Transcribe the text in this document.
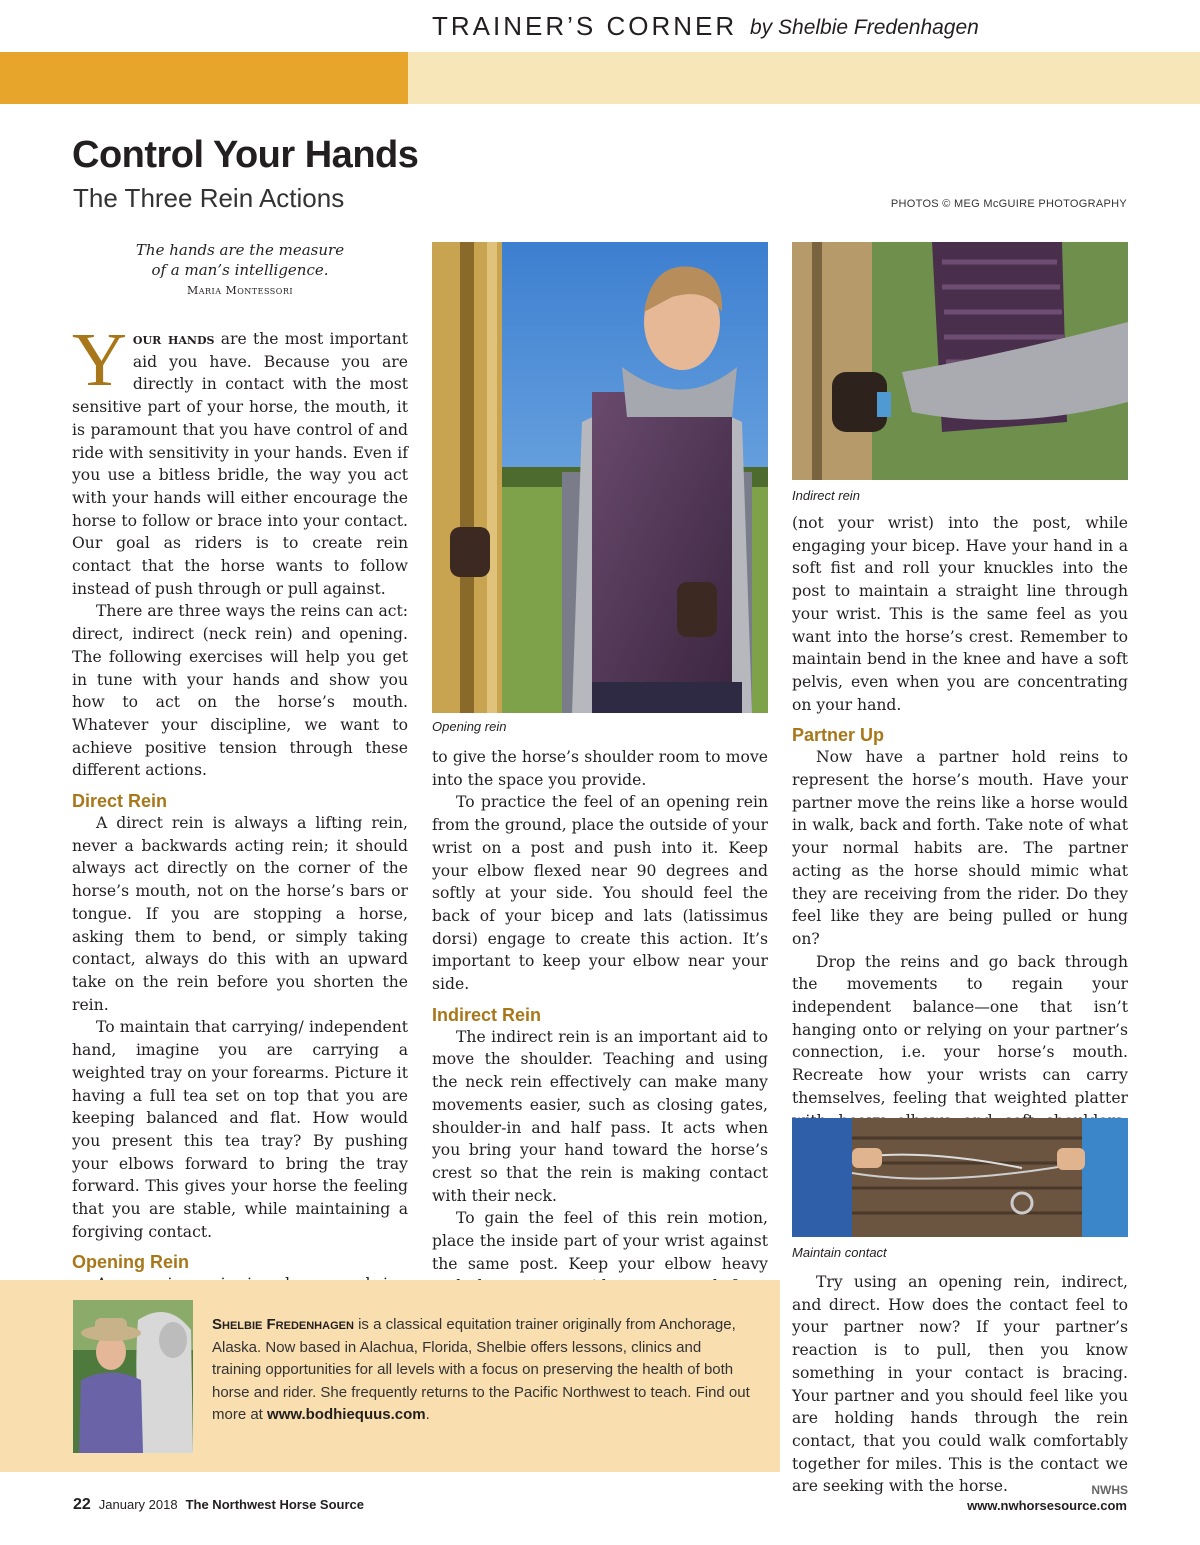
REGULAR FEATURE TRAINER’S CORNER by Shelbie Fredenhagen
Control Your Hands
The Three Rein Actions	PHOTOS © MEG McGUIRE PHOTOGRAPHY
The hands are the measure
of a man’s intelligence.
Maria Montessori

Your hands are the most important aid you have. Because you are directly in contact with the most sensitive part of your horse, the mouth, it is paramount that you have control of and ride with sensitivity in your hands. Even if you use a bitless bridle, the way you act with your hands will either encourage the horse to follow or brace into your contact. Our goal as riders is to create rein contact that the horse wants to follow instead of push through or pull against.

There are three ways the reins can act: direct, indirect (neck rein) and opening. The following exercises will help you get in tune with your hands and show you how to act on the horse’s mouth. Whatever your discipline, we want to achieve positive tension through these different actions.

Direct Rein

A direct rein is always a lifting rein, never a backwards acting rein; it should always act directly on the corner of the horse’s mouth, not on the horse’s bars or tongue. If you are stopping a horse, asking them to bend, or simply taking contact, always do this with an upward take on the rein before you shorten the rein.

To maintain that carrying/ independent hand, imagine you are carrying a weighted tray on your forearms. Picture it having a full tea set on top that you are keeping balanced and flat. How would you present this tea tray? By pushing your elbows forward to bring the tray forward. This gives your horse the feeling that you are stable, while maintaining a forgiving contact.

Opening Rein

Opening rein

to give the horse’s shoulder room to move into the space you provide.

To practice the feel of an opening rein from the ground, place the outside of your wrist on a post and push into it. Keep your elbow flexed near 90 degrees and softly at your side. You should feel the back of your bicep and lats (latissimus dorsi) engage to create this action. It’s important to keep your elbow near your side.

Indirect Rein

The indirect rein is an important aid to move the shoulder. Teaching and using the neck rein effectively can make many movements easier, such as closing gates, shoulder-in and half pass. It acts when you bring your hand toward the horse’s crest so that the rein is making contact with their neck.

To gain the feel of this rein motion, place the inside part of your wrist against the same post. Keep your elbow heavy

Indirect rein

(not your wrist) into the post, while engaging your bicep. Have your hand in a soft fist and roll your knuckles into the post to maintain a straight line through your wrist. This is the same feel as you want into the horse’s crest. Remember to maintain bend in the knee and have a soft pelvis, even when you are concentrating on your hand.

Partner Up

Now have a partner hold reins to represent the horse’s mouth. Have your partner move the reins like a horse would in walk, back and forth. Take note of what your normal habits are. The partner acting as the horse should mimic what they are receiving from the rider. Do they feel like they are being pulled or hung on?

Drop the reins and go back through the movements to regain your independent balance—one that isn’t hanging onto or relying on your partner’s connection, i.e. your horse’s mouth. Recreate how your wrists can carry themselves, feeling that weighted platter

Maintain contact

Try using an opening rein, indirect, and direct. How does the contact feel to your partner now? If your partner’s reaction is to pull, then you know something in your contact is bracing. Your partner and you should feel like you are holding hands through the rein contact, that you could walk comfortably together for miles. This is the contact we are seeking with the horse.	NWHS

Shelbie Fredenhagen is a classical equitation trainer originally from Anchorage, Alaska. Now based in Alachua, Florida, Shelbie offers lessons, clinics and training opportunities for all levels with a focus on preserving the health of both horse and rider. She frequently returns to the Pacific Northwest to teach. Find out more at www.bodhiequus.com.
22 January 2018 The Northwest Horse Source	www.nwhorsesource.com
